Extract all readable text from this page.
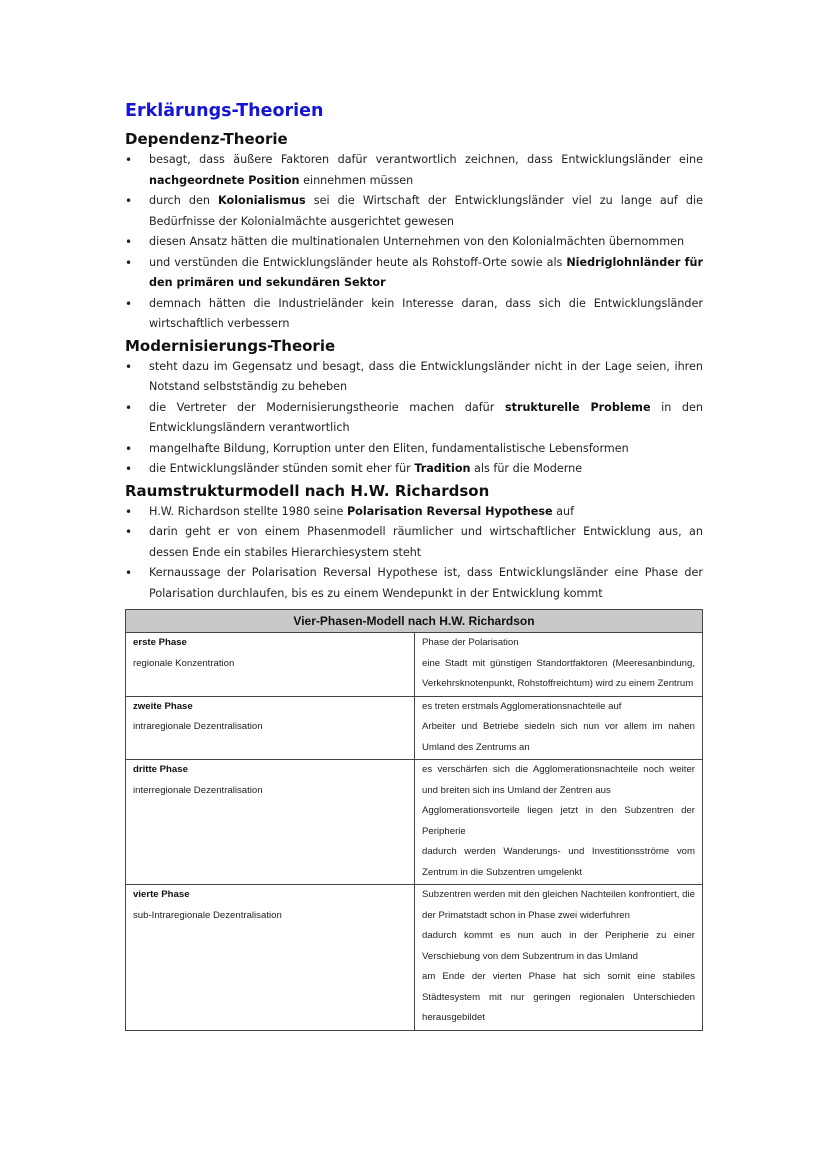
Erklärungs-Theorien
Dependenz-Theorie
• besagt, dass äußere Faktoren dafür verantwortlich zeichnen, dass Entwicklungsländer eine nachgeordnete Position einnehmen müssen
• durch den Kolonialismus sei die Wirtschaft der Entwicklungsländer viel zu lange auf die Bedürfnisse der Kolonialmächte ausgerichtet gewesen
• diesen Ansatz hätten die multinationalen Unternehmen von den Kolonialmächten übernommen
• und verstünden die Entwicklungsländer heute als Rohstoff-Orte sowie als Niedriglohnländer für den primären und sekundären Sektor
• demnach hätten die Industrieländer kein Interesse daran, dass sich die Entwicklungsländer wirtschaftlich verbessern
Modernisierungs-Theorie
• steht dazu im Gegensatz und besagt, dass die Entwicklungsländer nicht in der Lage seien, ihren Notstand selbstständig zu beheben
• die Vertreter der Modernisierungstheorie machen dafür strukturelle Probleme in den Entwicklungsländern verantwortlich
• mangelhafte Bildung, Korruption unter den Eliten, fundamentalistische Lebensformen
• die Entwicklungsländer stünden somit eher für Tradition als für die Moderne
Raumstrukturmodell nach H.W. Richardson
• H.W. Richardson stellte 1980 seine Polarisation Reversal Hypothese auf
• darin geht er von einem Phasenmodell räumlicher und wirtschaftlicher Entwicklung aus, an dessen Ende ein stabiles Hierarchiesystem steht
• Kernaussage der Polarisation Reversal Hypothese ist, dass Entwicklungsländer eine Phase der Polarisation durchlaufen, bis es zu einem Wendepunkt in der Entwicklung kommt
Vier-Phasen-Modell nach H.W. Richardson	

erste Phase
regionale Konzentration	Phase der Polarisation
eine Stadt mit günstigen Standortfaktoren (Meeresanbindung, Verkehrsknotenpunkt, Rohstoffreichtum) wird zu einem Zentrum

zweite Phase
intraregionale Dezentralisation	es treten erstmals Agglomerationsnachteile auf
Arbeiter und Betriebe siedeln sich nun vor allem im nahen Umland des Zentrums an

dritte Phase
interregionale Dezentralisation	es verschärfen sich die Agglomerationsnachteile noch weiter und breiten sich ins Umland der Zentren aus
Agglomerationsvorteile liegen jetzt in den Subzentren der Peripherie
dadurch werden Wanderungs- und Investitionsströme vom Zentrum in die Subzentren umgelenkt

vierte Phase
sub-Intraregionale Dezentralisation	Subzentren werden mit den gleichen Nachteilen konfrontiert, die der Primatstadt schon in Phase zwei widerfuhren
dadurch kommt es nun auch in der Peripherie zu einer Verschiebung von dem Subzentrum in das Umland
am Ende der vierten Phase hat sich somit eine stabiles Städtesystem mit nur geringen regionalen Unterschieden herausgebildet
